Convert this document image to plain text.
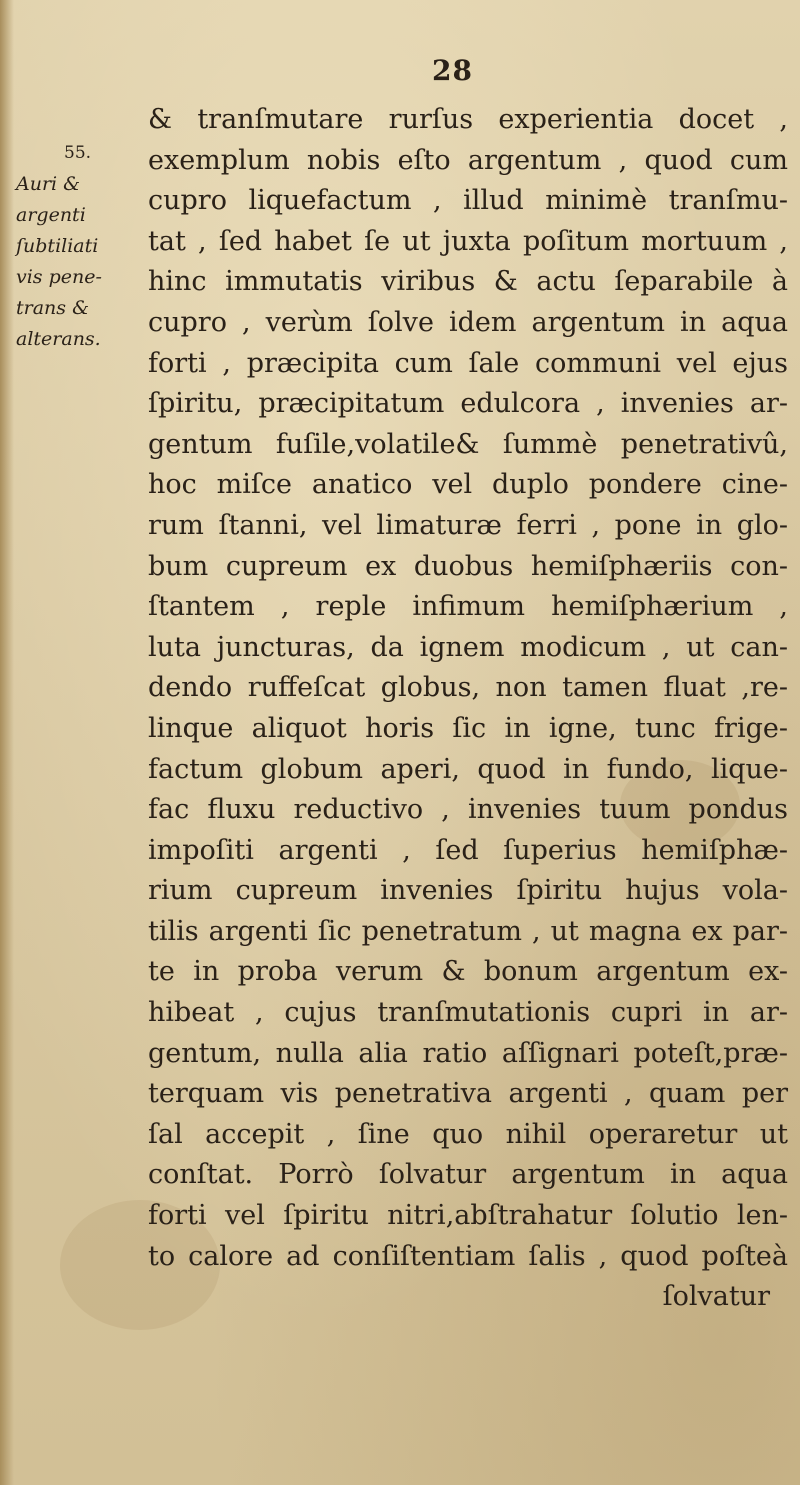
28
55.
Auri &
argenti
ſubtiliati
vis pene-
trans &
alterans.
& tranſmutare rurſus experientia docet ,
exemplum nobis eſto argentum , quod cum
cupro liquefactum , illud minimè tranſmu-
tat , ſed habet ſe ut juxta poſitum mortuum ,
hinc immutatis viribus & actu ſeparabile à
cupro , verùm ſolve idem argentum in aqua
forti , præcipita cum ſale communi vel ejus
ſpiritu, præcipitatum edulcora , invenies ar-
gentum fuſile,volatile& ſummè penetrativû,
hoc miſce anatico vel duplo pondere cine-
rum ſtanni, vel limaturæ ferri , pone in glo-
bum cupreum ex duobus hemiſphæriis con-
ſtantem , reple infimum hemiſphærium ,
luta juncturas, da ignem modicum , ut can-
dendo ruffeſcat globus, non tamen fluat ,re-
linque aliquot horis ſic in igne, tunc frige-
factum globum aperi, quod in fundo, lique-
fac fluxu reductivo , invenies tuum pondus
impoſiti argenti , ſed ſuperius hemiſphæ-
rium cupreum invenies ſpiritu hujus vola-
tilis argenti ſic penetratum , ut magna ex par-
te in proba verum & bonum argentum ex-
hibeat , cujus tranſmutationis cupri in ar-
gentum, nulla alia ratio aſſignari poteſt,præ-
terquam vis penetrativa argenti , quam per
ſal accepit , ſine quo nihil operaretur ut
conſtat. Porrò ſolvatur argentum in aqua
forti vel ſpiritu nitri,abſtrahatur ſolutio len-
to calore ad conſiſtentiam ſalis , quod poſteà
ſolvatur
